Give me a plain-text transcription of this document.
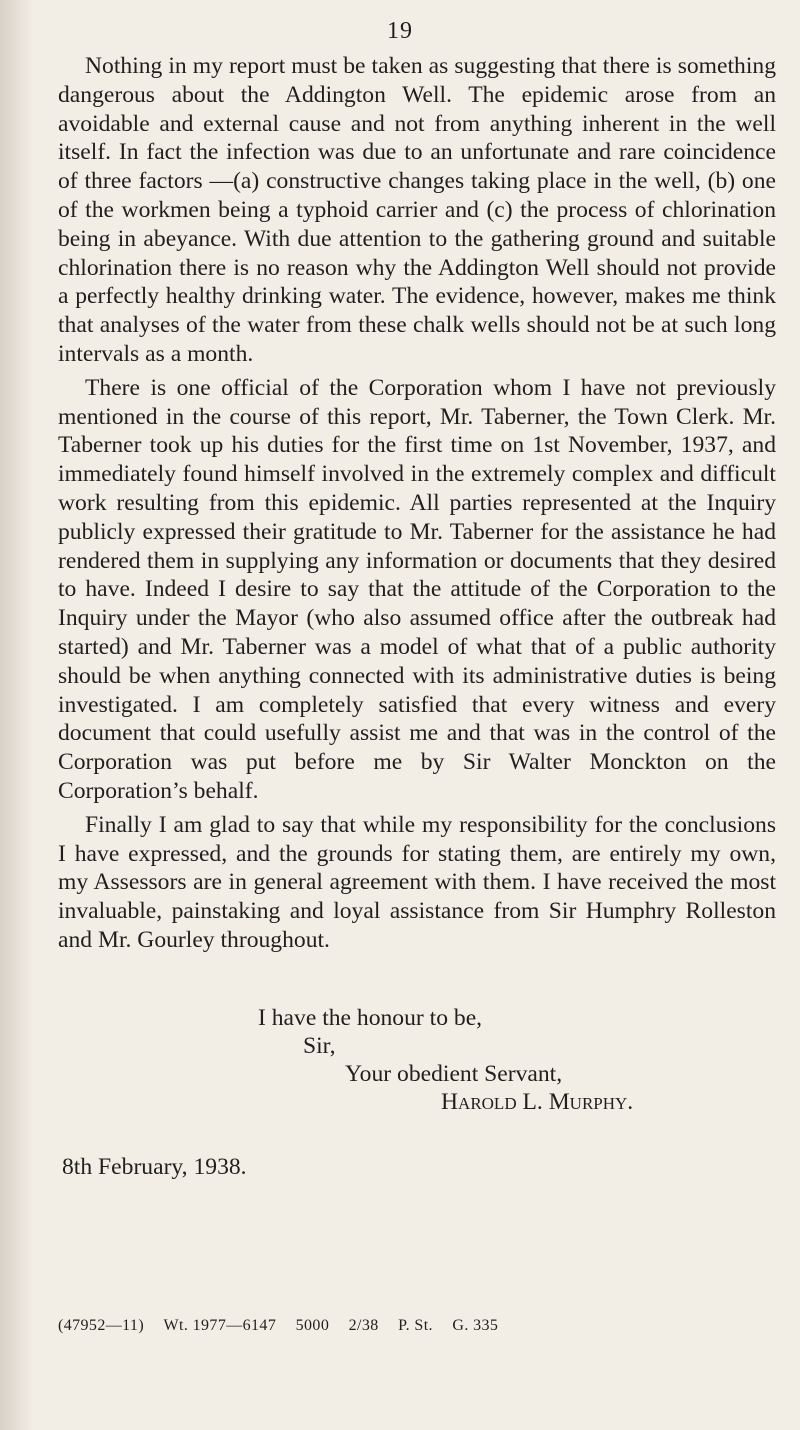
19

Nothing in my report must be taken as suggesting that there is something dangerous about the Addington Well. The epidemic arose from an avoidable and external cause and not from anything inherent in the well itself. In fact the infection was due to an unfortunate and rare coincidence of three factors —(a) constructive changes taking place in the well, (b) one of the workmen being a typhoid carrier and (c) the process of chlorination being in abeyance. With due attention to the gathering ground and suitable chlorination there is no reason why the Addington Well should not provide a perfectly healthy drinking water. The evidence, however, makes me think that analyses of the water from these chalk wells should not be at such long intervals as a month.

There is one official of the Corporation whom I have not previously mentioned in the course of this report, Mr. Taberner, the Town Clerk. Mr. Taberner took up his duties for the first time on 1st November, 1937, and immediately found himself involved in the extremely complex and difficult work resulting from this epidemic. All parties represented at the Inquiry publicly expressed their gratitude to Mr. Taberner for the assistance he had rendered them in supplying any information or documents that they desired to have. Indeed I desire to say that the attitude of the Corporation to the Inquiry under the Mayor (who also assumed office after the outbreak had started) and Mr. Taberner was a model of what that of a public authority should be when anything connected with its administrative duties is being investigated. I am completely satisfied that every witness and every document that could usefully assist me and that was in the control of the Corporation was put before me by Sir Walter Monckton on the Corporation’s behalf.

Finally I am glad to say that while my responsibility for the conclusions I have expressed, and the grounds for stating them, are entirely my own, my Assessors are in general agreement with them. I have received the most invaluable, painstaking and loyal assistance from Sir Humphry Rolleston and Mr. Gourley throughout.

I have the honour to be,
Sir,
Your obedient Servant,
Harold L. Murphy.
8th February, 1938.
(47952—11) Wt. 1977—6147 5000 2/38 P. St. G. 335
